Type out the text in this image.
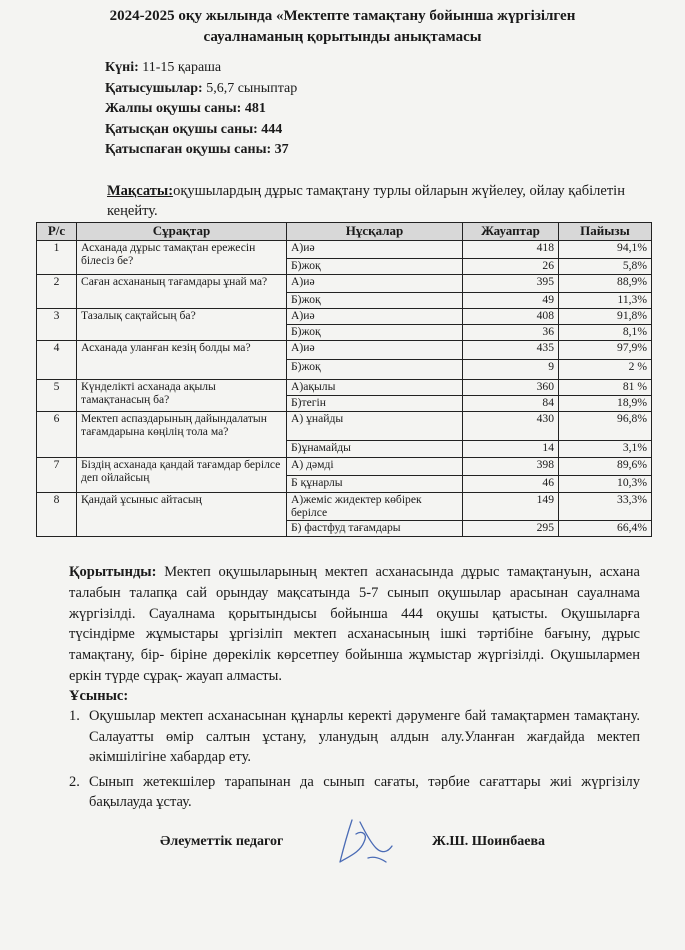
2024-2025 оқу жылында «Мектепте тамақтану бойынша жүргізілген
сауалнаманың қорытынды анықтамасы
Күні: 11-15 қараша
Қатысушылар: 5,6,7 сыныптар
Жалпы оқушы саны: 481
Қатысқан оқушы саны: 444
Қатыспаған оқушы саны: 37
Мақсаты:оқушылардың дұрыс тамақтану турлы ойларын жүйелеу, ойлау қабілетін кеңейту.
Р/с	Сұрақтар	Нұсқалар	Жауаптар	Пайызы
1	Асханада дұрыс тамақтан ережесін білесіз бе?	А)иә	418	94,1%
		Б)жоқ	26	5,8%
2	Саған асхананың тағамдары ұнай ма?	А)иә	395	88,9%
		Б)жоқ	49	11,3%
3	Тазалық сақтайсың ба?	А)иә	408	91,8%
		Б)жоқ	36	8,1%
4	Асханада уланған кезің болды ма?	А)иә	435	97,9%
		Б)жоқ	9	2 %
5	Күнделікті асханада ақылы тамақтанасың ба?	А)ақылы	360	81 %
		Б)тегін	84	18,9%
6	Мектеп аспаздарының дайындалатын тағамдарына көңілің тола ма?	А) ұнайды	430	96,8%
		Б)ұнамайды	14	3,1%
7	Біздің асханада қандай тағамдар берілсе деп ойлайсың	А) дәмді	398	89,6%
		Б құнарлы	46	10,3%
8	Қандай ұсыныс айтасың	А)жеміс жидектер көбірек берілсе	149	33,3%
		Б) фастфуд тағамдары	295	66,4%
Қорытынды: Мектеп оқушыларының мектеп асханасында дұрыс тамақтануын, асхана талабын талапқа сай орындау мақсатында 5-7 сынып оқушылар арасынан сауалнама жүргізілді. Сауалнама қорытындысы бойынша 444 оқушы қатысты. Оқушыларға түсіндірме жұмыстары ұргізіліп мектеп асханасының ішкі тәртібіне бағыну, дұрыс тамақтану, бір- біріне дөрекілік көрсетпеу бойынша жұмыстар жүргізілді. Оқушылармен еркін түрде сұрақ- жауап алмасты.
Ұсыныс:
1. Оқушылар мектеп асханасынан құнарлы керекті дәруменге бай тамақтармен тамақтану. Салауатты өмір салтын ұстану, уланудың алдын алу.Уланған жағдайда мектеп әкімшілігіне хабардар ету.
2. Сынып жетекшілер тарапынан да сынып сағаты, тәрбие сағаттары жиі жүргізілу бақылауда ұстау.
Әлеуметтік педагог	Ж.Ш. Шоинбаева
